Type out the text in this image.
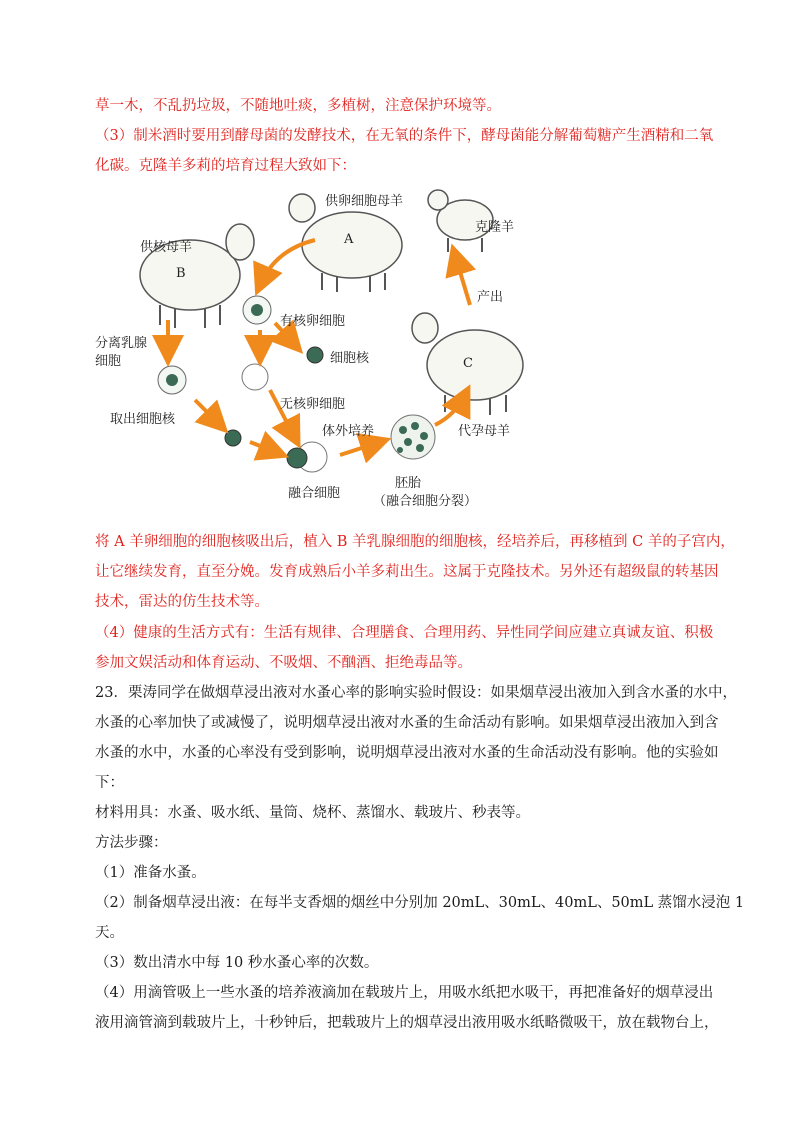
草一木，不乱扔垃圾，不随地吐痰，多植树，注意保护环境等。
（3）制米酒时要用到酵母菌的发酵技术，在无氧的条件下，酵母菌能分解葡萄糖产生酒精和二氧
化碳。克隆羊多莉的培育过程大致如下：
供卵细胞母羊
克隆羊
供核母羊
分离乳腺
细胞
有核卵细胞
细胞核
无核卵细胞
取出细胞核
体外培养	代孕母羊
产出
融合细胞
胚胎
（融合细胞分裂）
A
B
C
将 A 羊卵细胞的细胞核吸出后，植入 B 羊乳腺细胞的细胞核，经培养后，再移植到 C 羊的子宫内，
让它继续发育，直至分娩。发育成熟后小羊多莉出生。这属于克隆技术。另外还有超级鼠的转基因
技术，雷达的仿生技术等。
（4）健康的生活方式有：生活有规律、合理膳食、合理用药、异性同学间应建立真诚友谊、积极
参加文娱活动和体育运动、不吸烟、不酗酒、拒绝毒品等。
23．栗涛同学在做烟草浸出液对水蚤心率的影响实验时假设：如果烟草浸出液加入到含水蚤的水中，
水蚤的心率加快了或减慢了，说明烟草浸出液对水蚤的生命活动有影响。如果烟草浸出液加入到含
水蚤的水中，水蚤的心率没有受到影响，说明烟草浸出液对水蚤的生命活动没有影响。他的实验如
下：
材料用具：水蚤、吸水纸、量筒、烧杯、蒸馏水、载玻片、秒表等。
方法步骤：
（1）准备水蚤。
（2）制备烟草浸出液：在每半支香烟的烟丝中分别加 20mL、30mL、40mL、50mL 蒸馏水浸泡 1
天。
（3）数出清水中每 10 秒水蚤心率的次数。
（4）用滴管吸上一些水蚤的培养液滴加在载玻片上，用吸水纸把水吸干，再把准备好的烟草浸出
液用滴管滴到载玻片上，十秒钟后，把载玻片上的烟草浸出液用吸水纸略微吸干，放在载物台上，
